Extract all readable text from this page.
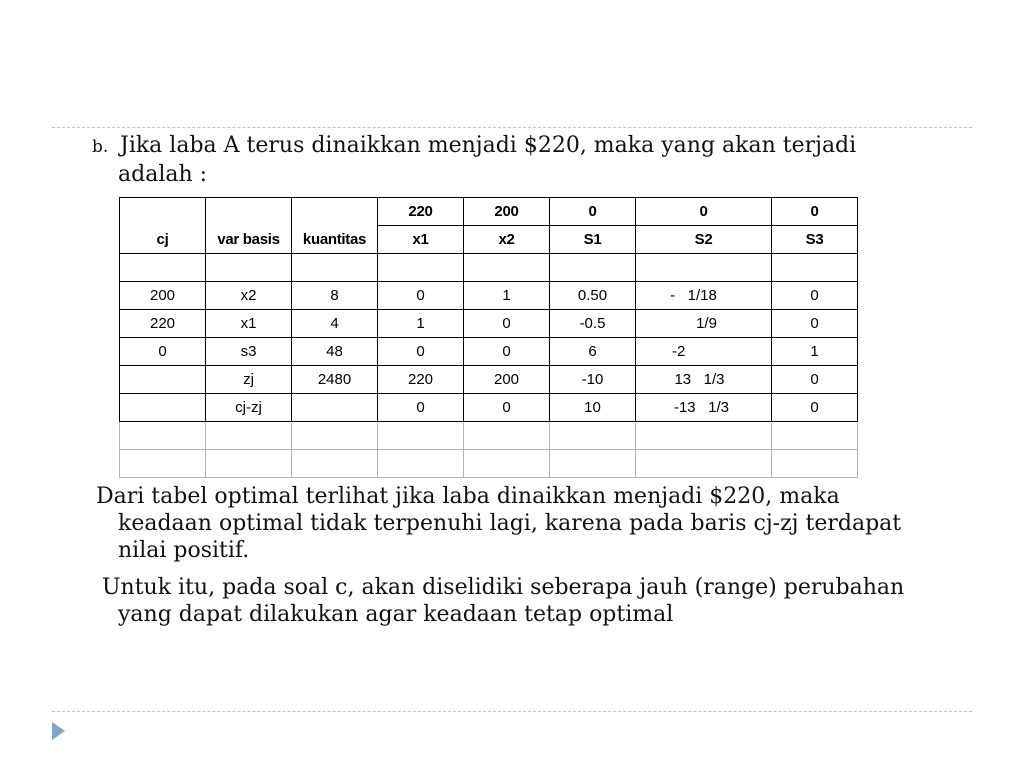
b. Jika laba A terus dinaikkan menjadi $220, maka yang akan terjadi
adalah :
			220	200	0	0	0
cj	var basis	kuantitas	x1	x2	S1	S2	S3

200	x2	8	0	1	0.50	-   1/18	0
220	x1	4	1	0	-0.5	1/9	0
0	s3	48	0	0	6	-2	1
	zj	2480	220	200	-10	13   1/3	0
	cj-zj		0	0	10	-13   1/3	0

Dari tabel optimal terlihat jika laba dinaikkan menjadi $220, maka
keadaan optimal tidak terpenuhi lagi, karena pada baris cj-zj terdapat
nilai positif.
Untuk itu, pada soal c, akan diselidiki seberapa jauh (range) perubahan
yang dapat dilakukan agar keadaan tetap optimal
